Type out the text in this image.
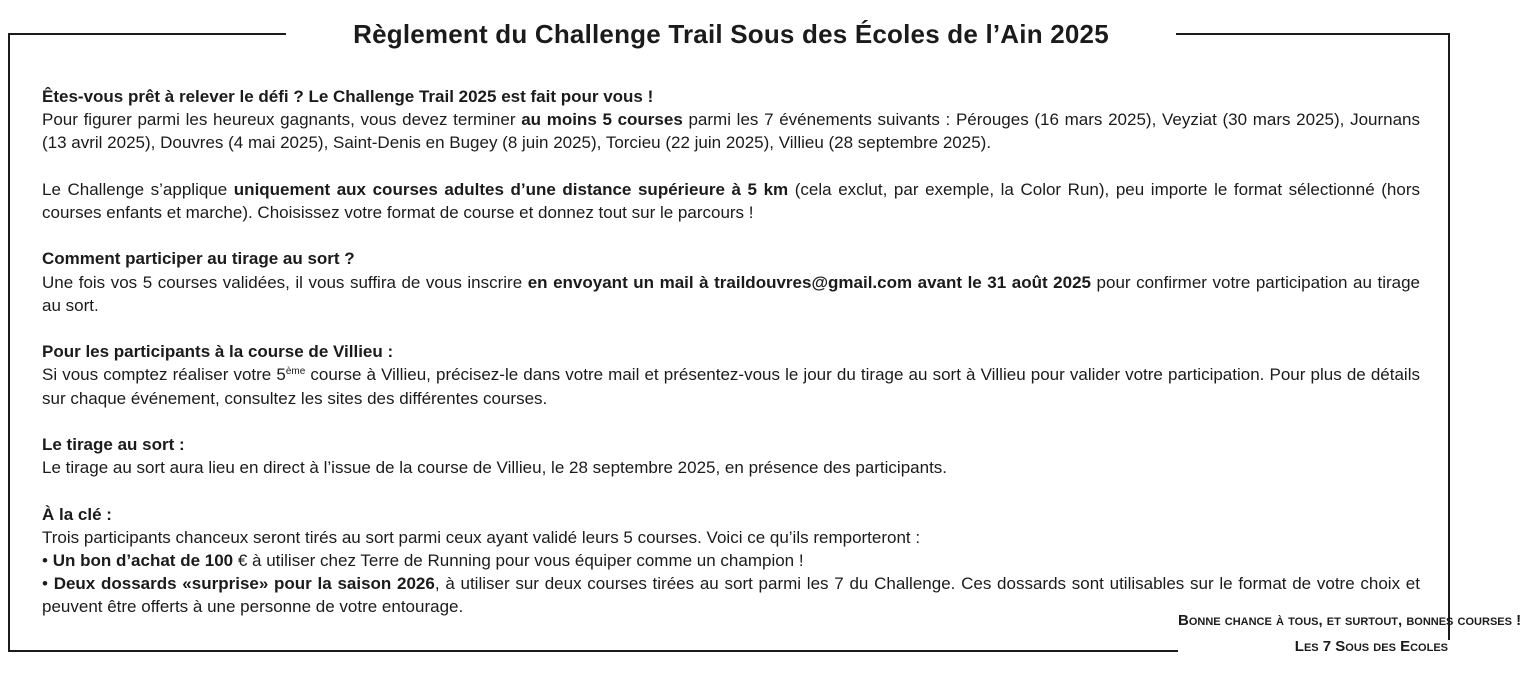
Règlement du Challenge Trail Sous des Écoles de l’Ain 2025

Êtes-vous prêt à relever le défi ? Le Challenge Trail 2025 est fait pour vous !
Pour figurer parmi les heureux gagnants, vous devez terminer au moins 5 courses parmi les 7 événements suivants : Pérouges (16 mars 2025), Veyziat (30 mars 2025), Journans (13 avril 2025), Douvres (4 mai 2025), Saint-Denis en Bugey (8 juin 2025), Torcieu (22 juin 2025), Villieu (28 septembre 2025).

Le Challenge s’applique uniquement aux courses adultes d’une distance supérieure à 5 km (cela exclut, par exemple, la Color Run), peu importe le format sélectionné (hors courses enfants et marche). Choisissez votre format de course et donnez tout sur le parcours !

Comment participer au tirage au sort ?
Une fois vos 5 courses validées, il vous suffira de vous inscrire en envoyant un mail à traildouvres@gmail.com avant le 31 août 2025 pour confirmer votre participation au tirage au sort.

Pour les participants à la course de Villieu :
Si vous comptez réaliser votre 5ème course à Villieu, précisez-le dans votre mail et présentez-vous le jour du tirage au sort à Villieu pour valider votre participation. Pour plus de détails sur chaque événement, consultez les sites des différentes courses.

Le tirage au sort :
Le tirage au sort aura lieu en direct à l’issue de la course de Villieu, le 28 septembre 2025, en présence des participants.

À la clé :
Trois participants chanceux seront tirés au sort parmi ceux ayant validé leurs 5 courses. Voici ce qu’ils remporteront :
• Un bon d’achat de 100 € à utiliser chez Terre de Running pour vous équiper comme un champion !
• Deux dossards «surprise» pour la saison 2026, à utiliser sur deux courses tirées au sort parmi les 7 du Challenge. Ces dossards sont utilisables sur le format de votre choix et peuvent être offerts à une personne de votre entourage.

Bonne chance à tous, et surtout, bonnes courses !
Les 7 Sous des Ecoles
